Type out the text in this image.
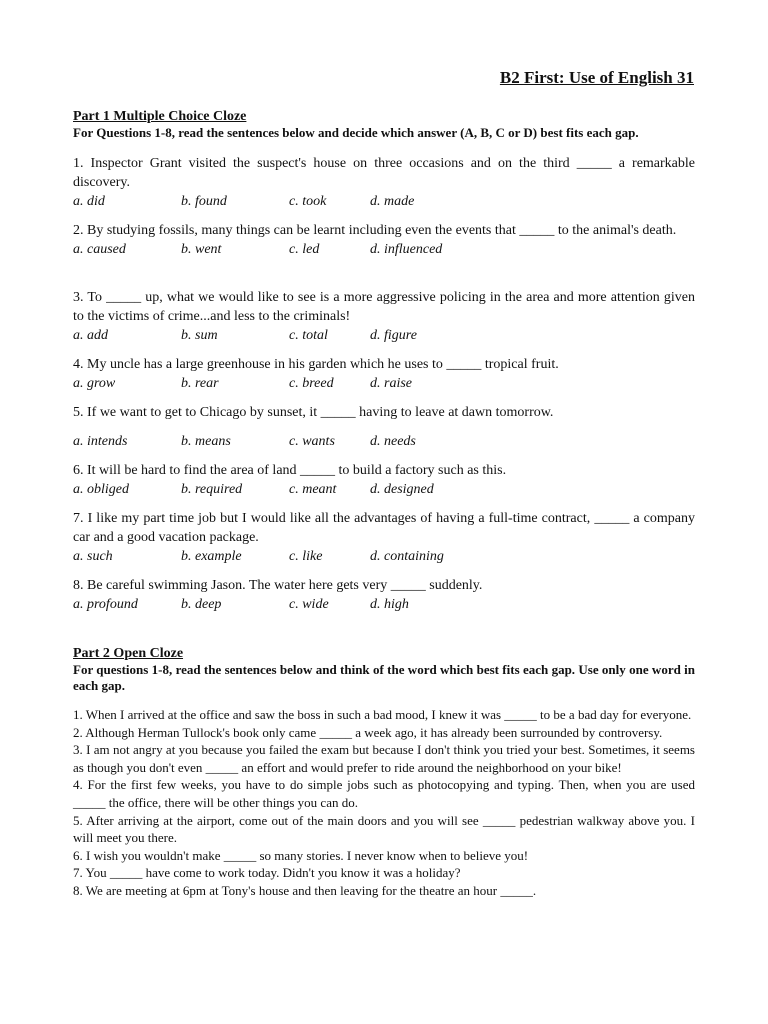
B2 First: Use of English 31
Part 1 Multiple Choice Cloze
For Questions 1-8, read the sentences below and decide which answer (A, B, C or D) best fits each gap.

1. Inspector Grant visited the suspect's house on three occasions and on the third _____ a remarkable discovery.

a. did	b. found	c. took	d. made

2. By studying fossils, many things can be learnt including even the events that _____ to the animal's death.

a. caused	b. went	c. led	d. influenced

3. To _____ up, what we would like to see is a more aggressive policing in the area and more attention given to the victims of crime...and less to the criminals!

a. add	b. sum	c. total	d. figure

4. My uncle has a large greenhouse in his garden which he uses to _____ tropical fruit.

a. grow	b. rear	c. breed	d. raise

5. If we want to get to Chicago by sunset, it _____ having to leave at dawn tomorrow.

a. intends	b. means	c. wants	d. needs

6. It will be hard to find the area of land _____ to build a factory such as this.

a. obliged	b. required	c. meant	d. designed

7. I like my part time job but I would like all the advantages of having a full-time contract, _____ a company car and a good vacation package.

a. such	b. example	c. like	d. containing

8. Be careful swimming Jason. The water here gets very _____ suddenly.

a. profound	b. deep	c. wide	d. high
Part 2 Open Cloze
For questions 1-8, read the sentences below and think of the word which best fits each gap. Use only one word in each gap.

1. When I arrived at the office and saw the boss in such a bad mood, I knew it was _____ to be a bad day for everyone.

2. Although Herman Tullock's book only came _____ a week ago, it has already been surrounded by controversy.

3. I am not angry at you because you failed the exam but because I don't think you tried your best. Sometimes, it seems as though you don't even _____ an effort and would prefer to ride around the neighborhood on your bike!

4. For the first few weeks, you have to do simple jobs such as photocopying and typing. Then, when you are used _____ the office, there will be other things you can do.

5. After arriving at the airport, come out of the main doors and you will see _____ pedestrian walkway above you. I will meet you there.

6. I wish you wouldn't make _____ so many stories. I never know when to believe you!

7. You _____ have come to work today. Didn't you know it was a holiday?

8. We are meeting at 6pm at Tony's house and then leaving for the theatre an hour _____.
